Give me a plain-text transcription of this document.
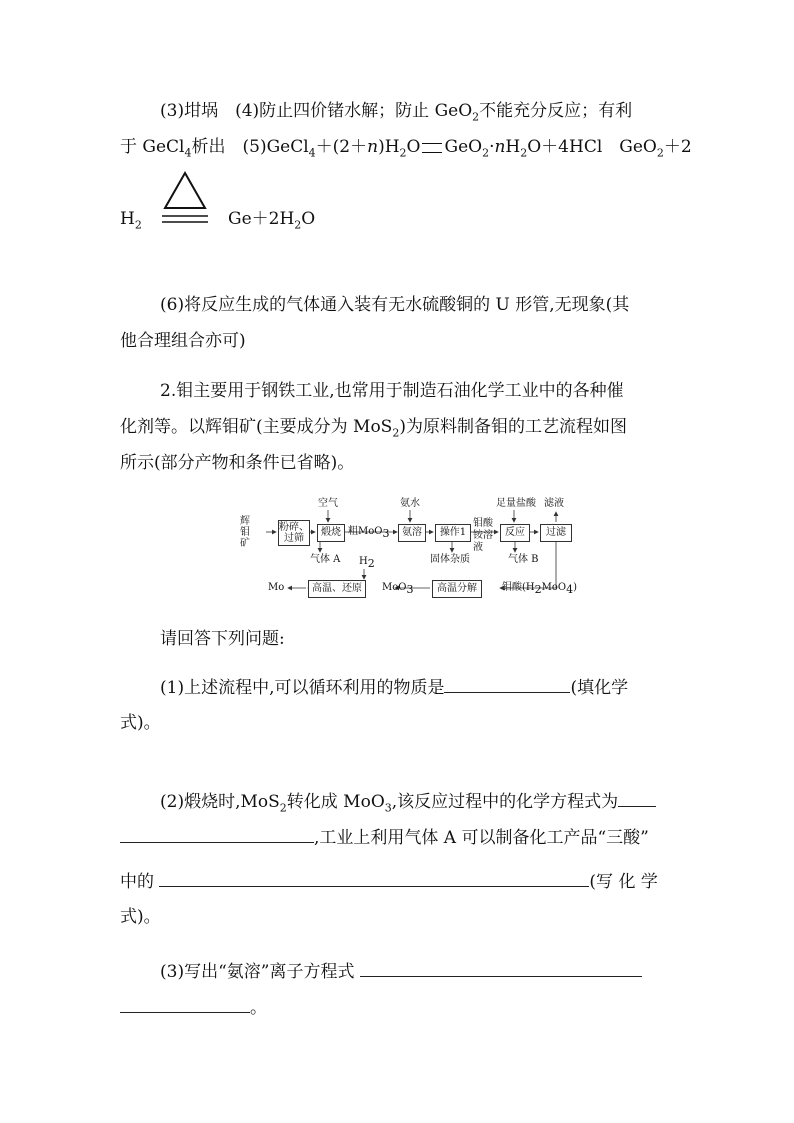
(3)坩埚　(4)防止四价锗水解；防止 GeO$_2$不能充分反应；有利
于 GeCl$_4$析出　$(5)GeCl_4+(2+n)H_2O$ $GeO_2\cdot nH_2O+4HCl$　GeO$_2$＋2
$H_2$	$Ge+2H_2O$
(6)将反应生成的气体通入装有无水硫酸铜的 U 形管,无现象(其
他合理组合亦可)
2.钼主要用于钢铁工业,也常用于制造石油化学工业中的各种催
化剂等。以辉钼矿(主要成分为 MoS$_2$)为原料制备钼的工艺流程如图
所示(部分产物和条件已省略)。
辉钼矿
粉碎、过筛
空气
煅烧
气体 A
粗MoO$_3$
氨水
氨溶	操作1
固体杂质
钼酸铵溶液
足量盐酸
反应
气体 B
滤液
过滤
钼酸$(H_2MoO_4)$
高温分解
MoO$_3$
$H_2$
高温、还原
Mo
请回答下列问题:
(1)上述流程中,可以循环利用的物质是	(填化学
式)。
(2)煅烧时,MoS$_2$转化成 MoO$_3$,该反应过程中的化学方程式为
,工业上利用气体 A 可以制备化工产品“三酸”
中的	(写 化 学
式)。
(3)写出“氨溶”离子方程式
。
